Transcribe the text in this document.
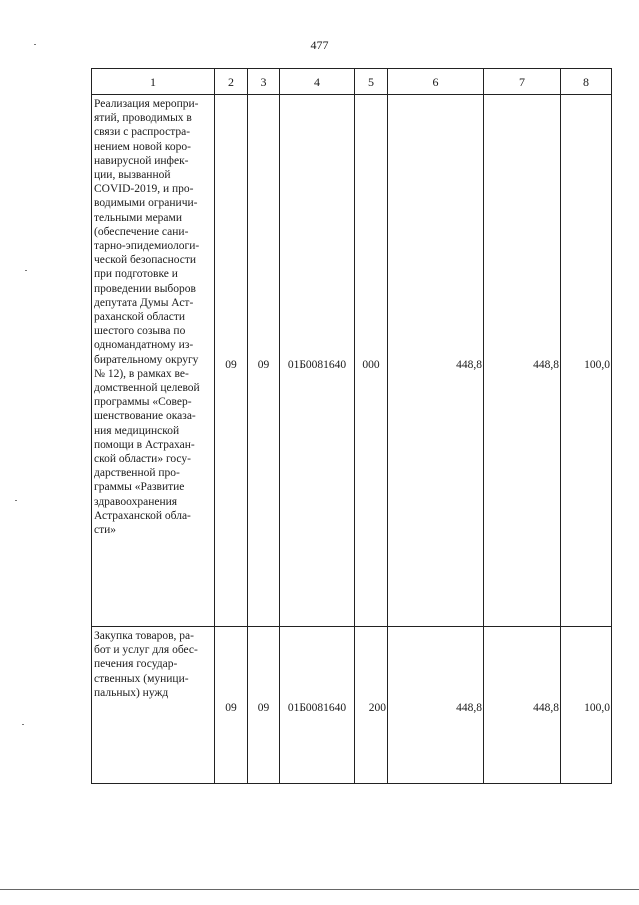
477
1	2	3	4	5	6	7	8
Реализация меропри-
ятий, проводимых в
связи с распростра-
нением новой коро-
навирусной инфек-
ции, вызванной
COVID-2019, и про-
водимыми ограничи-
тельными мерами
(обеспечение сани-
тарно-эпидемиологи-
ческой безопасности
при подготовке и
проведении выборов
депутата Думы Аст-
раханской области
шестого созыва по
одномандатному из-
бирательному округу
№ 12), в рамках ве-
домственной целевой
программы «Совер-
шенствование оказа-
ния медицинской
помощи в Астрахан-
ской области» госу-
дарственной про-
граммы «Развитие
здравоохранения
Астраханской обла-
сти»
09	09	01Б0081640	000	448,8	448,8	100,0
Закупка товаров, ра-
бот и услуг для обес-
печения государ-
ственных (муници-
пальных) нужд
09	09	01Б0081640	200	448,8	448,8	100,0
